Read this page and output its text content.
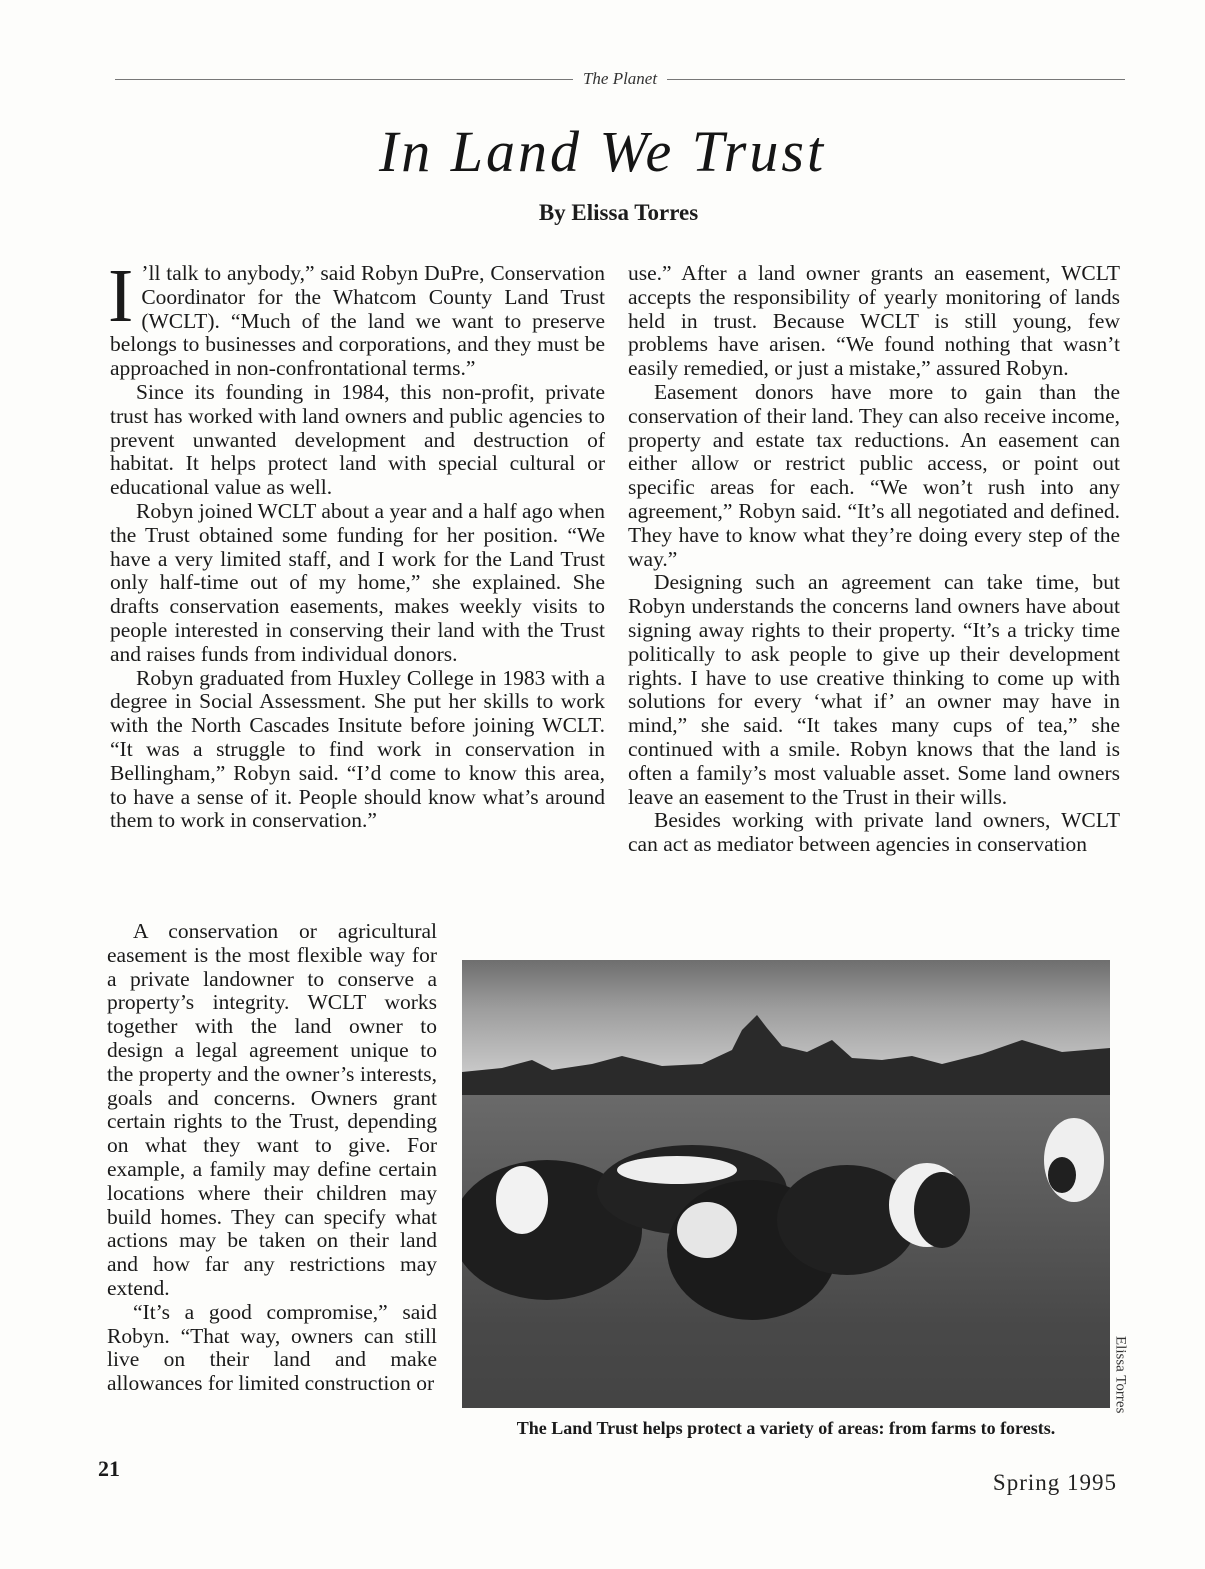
The Planet
In Land We Trust
By Elissa Torres

I ’ll talk to anybody,” said Robyn DuPre, Conservation Coordinator for the Whatcom County Land Trust (WCLT). “Much of the land we want to preserve belongs to businesses and corporations, and they must be approached in non-confrontational terms.”

Since its founding in 1984, this non-profit, private trust has worked with land owners and public agencies to prevent unwanted development and destruction of habitat. It helps protect land with special cultural or educational value as well.

Robyn joined WCLT about a year and a half ago when the Trust obtained some funding for her position. “We have a very limited staff, and I work for the Land Trust only half-time out of my home,” she explained. She drafts conservation easements, makes weekly visits to people interested in conserving their land with the Trust and raises funds from individual donors.

Robyn graduated from Huxley College in 1983 with a degree in Social Assessment. She put her skills to work with the North Cascades Insitute before joining WCLT. “It was a struggle to find work in conservation in Bellingham,” Robyn said. “I’d come to know this area, to have a sense of it. People should know what’s around them to work in conservation.”

A conservation or agricultural easement is the most flexible way for a private landowner to conserve a property’s integrity. WCLT works together with the land owner to design a legal agreement unique to the property and the owner’s interests, goals and concerns. Owners grant certain rights to the Trust, depending on what they want to give. For example, a family may define certain locations where their children may build homes. They can specify what actions may be taken on their land and how far any restrictions may extend.

“It’s a good compromise,” said Robyn. “That way, owners can still live on their land and make allowances for limited construction or

use.” After a land owner grants an easement, WCLT accepts the responsibility of yearly monitoring of lands held in trust. Because WCLT is still young, few problems have arisen. “We found nothing that wasn’t easily remedied, or just a mistake,” assured Robyn.

Easement donors have more to gain than the conservation of their land. They can also receive income, property and estate tax reductions. An easement can either allow or restrict public access, or point out specific areas for each. “We won’t rush into any agreement,” Robyn said. “It’s all negotiated and defined. They have to know what they’re doing every step of the way.”

Designing such an agreement can take time, but Robyn understands the concerns land owners have about signing away rights to their property. “It’s a tricky time politically to ask people to give up their development rights. I have to use creative thinking to come up with solutions for every ‘what if’ an owner may have in mind,” she said. “It takes many cups of tea,” she continued with a smile. Robyn knows that the land is often a family’s most valuable asset. Some land owners leave an easement to the Trust in their wills.

Besides working with private land owners, WCLT can act as mediator between agencies in conservation

Elissa Torres
The Land Trust helps protect a variety of areas: from farms to forests.
21
Spring 1995
